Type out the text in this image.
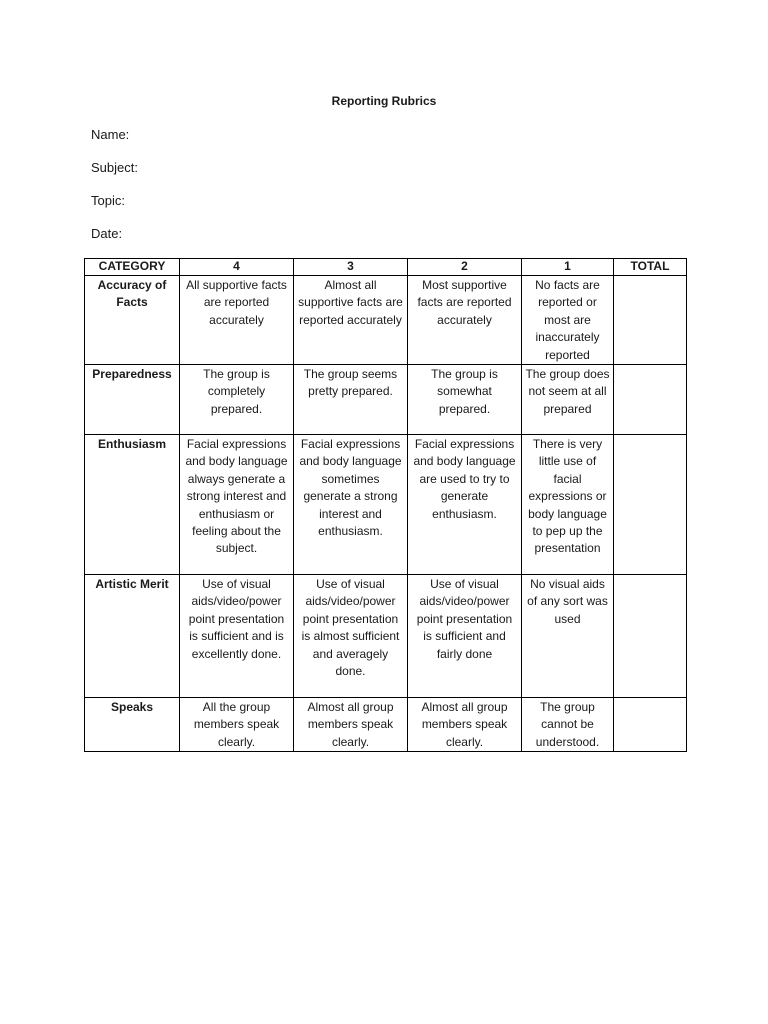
Reporting Rubrics
Name:
Subject:
Topic:
Date:
CATEGORY	4	3	2	1	TOTAL
Accuracy of Facts	All supportive facts are reported accurately	Almost all supportive facts are reported accurately	Most supportive facts are reported accurately	No facts are reported or most are inaccurately reported	
Preparedness	The group is completely prepared.	The group seems pretty prepared.	The group is somewhat prepared.	The group does not seem at all prepared	
Enthusiasm	Facial expressions and body language always generate a strong interest and enthusiasm or feeling about the subject.	Facial expressions and body language sometimes generate a strong interest and enthusiasm.	Facial expressions and body language are used to try to generate enthusiasm.	There is very little use of facial expressions or body language to pep up the presentation	
Artistic Merit	Use of visual aids/video/power point presentation is sufficient and is excellently done.	Use of visual aids/video/power point presentation is almost sufficient and averagely done.	Use of visual aids/video/power point presentation is sufficient and fairly done	No visual aids of any sort was used	
Speaks	All the group members speak clearly.	Almost all group members speak clearly.	Almost all group members speak clearly.	The group cannot be understood.	
